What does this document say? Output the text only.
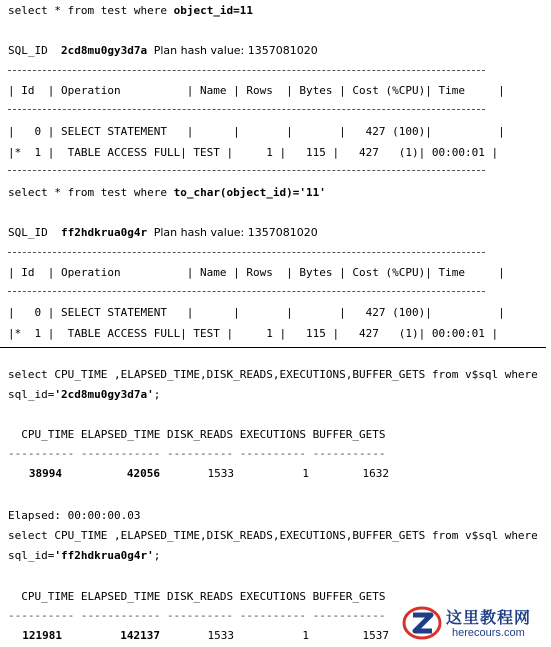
select * from test where object_id=11
SQL_ID  2cd8mu0gy3d7a Plan hash value: 1357081020
| Id  | Operation          | Name | Rows  | Bytes | Cost (%CPU)| Time     |
|   0 | SELECT STATEMENT   |      |       |       |   427 (100)|          |
|*  1 |  TABLE ACCESS FULL| TEST |     1 |   115 |   427   (1)| 00:00:01 |
select * from test where to_char(object_id)='11'
SQL_ID  ff2hdkrua0g4r Plan hash value: 1357081020
| Id  | Operation          | Name | Rows  | Bytes | Cost (%CPU)| Time     |
|   0 | SELECT STATEMENT   |      |       |       |   427 (100)|          |
|*  1 |  TABLE ACCESS FULL| TEST |     1 |   115 |   427   (1)| 00:00:01 |
select CPU_TIME ,ELAPSED_TIME,DISK_READS,EXECUTIONS,BUFFER_GETS from v$sql where
sql_id='2cd8mu0gy3d7a';
CPU_TIME ELAPSED_TIME DISK_READS EXECUTIONS BUFFER_GETS
---------- ------------ ---------- ---------- -----------
38994	42056	1533	1	1632
Elapsed: 00:00:00.03
select CPU_TIME ,ELAPSED_TIME,DISK_READS,EXECUTIONS,BUFFER_GETS from v$sql where
sql_id='ff2hdkrua0g4r';
CPU_TIME ELAPSED_TIME DISK_READS EXECUTIONS BUFFER_GETS
---------- ------------ ---------- ---------- -----------
121981	142137	1533	1	1537
这里教程网
herecours.com
